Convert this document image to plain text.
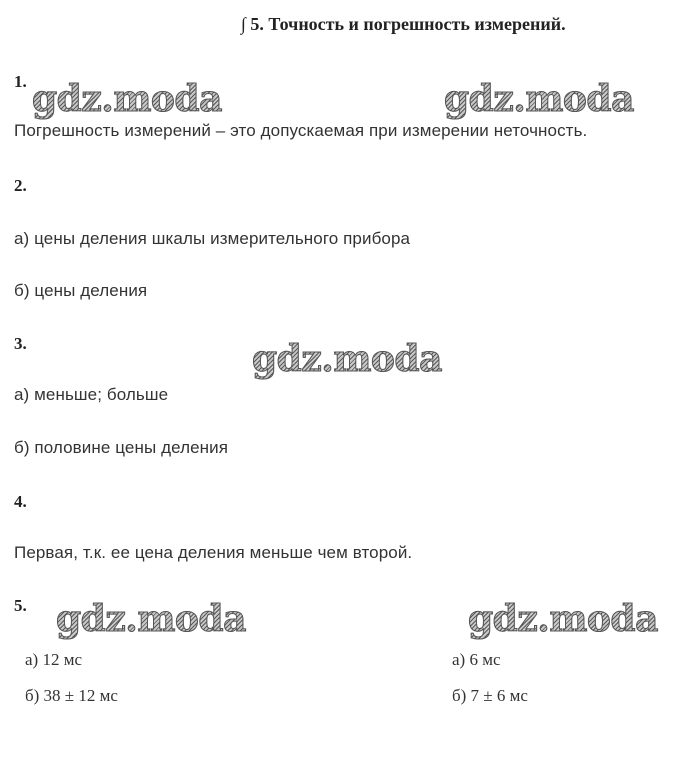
∫ 5. Точность и погрешность измерений.
1. gdz.moda	gdz.moda
Погрешность измерений – это допускаемая при измерении неточность.
2.
а) цены деления шкалы измерительного прибора
б) цены деления
3.	gdz.moda
а) меньше; больше
б) половине цены деления
4.
Первая, т.к. ее цена деления меньше чем второй.
5. gdz.moda	gdz.moda
а) 12 мс
б) 38 ± 12 мс
а) 6 мс
б) 7 ± 6 мс
